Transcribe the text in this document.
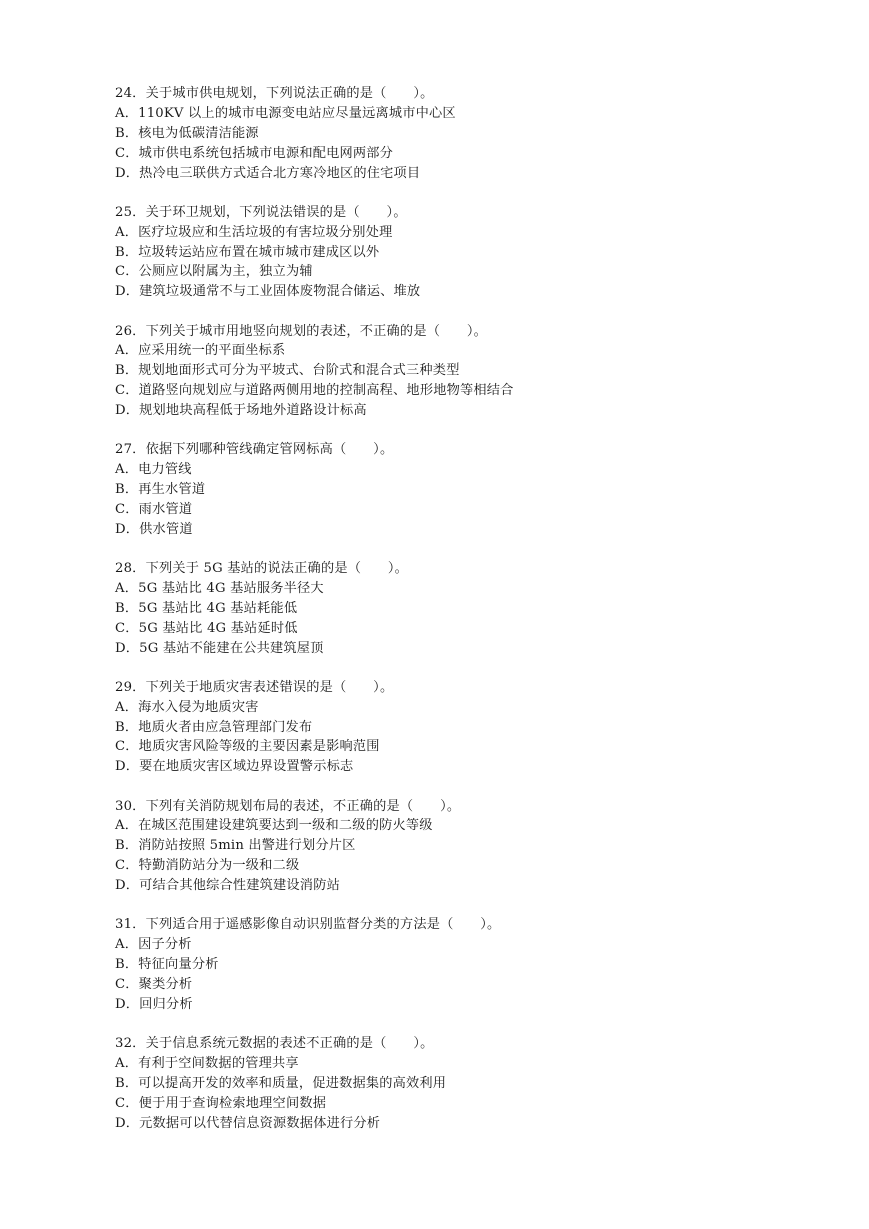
24．关于城市供电规划，下列说法正确的是（　　）。
A．110KV 以上的城市电源变电站应尽量远离城市中心区
B．核电为低碳清洁能源
C．城市供电系统包括城市电源和配电网两部分
D．热冷电三联供方式适合北方寒冷地区的住宅项目
25．关于环卫规划，下列说法错误的是（　　）。
A．医疗垃圾应和生活垃圾的有害垃圾分别处理
B．垃圾转运站应布置在城市城市建成区以外
C．公厕应以附属为主，独立为辅
D．建筑垃圾通常不与工业固体废物混合储运、堆放
26．下列关于城市用地竖向规划的表述，不正确的是（　　）。
A．应采用统一的平面坐标系
B．规划地面形式可分为平坡式、台阶式和混合式三种类型
C．道路竖向规划应与道路两侧用地的控制高程、地形地物等相结合
D．规划地块高程低于场地外道路设计标高
27．依据下列哪种管线确定管网标高（　　）。
A．电力管线
B．再生水管道
C．雨水管道
D．供水管道
28．下列关于 5G 基站的说法正确的是（　　）。
A．5G 基站比 4G 基站服务半径大
B．5G 基站比 4G 基站耗能低
C．5G 基站比 4G 基站延时低
D．5G 基站不能建在公共建筑屋顶
29．下列关于地质灾害表述错误的是（　　）。
A．海水入侵为地质灾害
B．地质火者由应急管理部门发布
C．地质灾害风险等级的主要因素是影响范围
D．要在地质灾害区域边界设置警示标志
30．下列有关消防规划布局的表述，不正确的是（　　）。
A．在城区范围建设建筑要达到一级和二级的防火等级
B．消防站按照 5min 出警进行划分片区
C．特勤消防站分为一级和二级
D．可结合其他综合性建筑建设消防站
31．下列适合用于遥感影像自动识别监督分类的方法是（　　）。
A．因子分析
B．特征向量分析
C．聚类分析
D．回归分析
32．关于信息系统元数据的表述不正确的是（　　）。
A．有利于空间数据的管理共享
B．可以提高开发的效率和质量，促进数据集的高效利用
C．便于用于查询检索地理空间数据
D．元数据可以代替信息资源数据体进行分析
